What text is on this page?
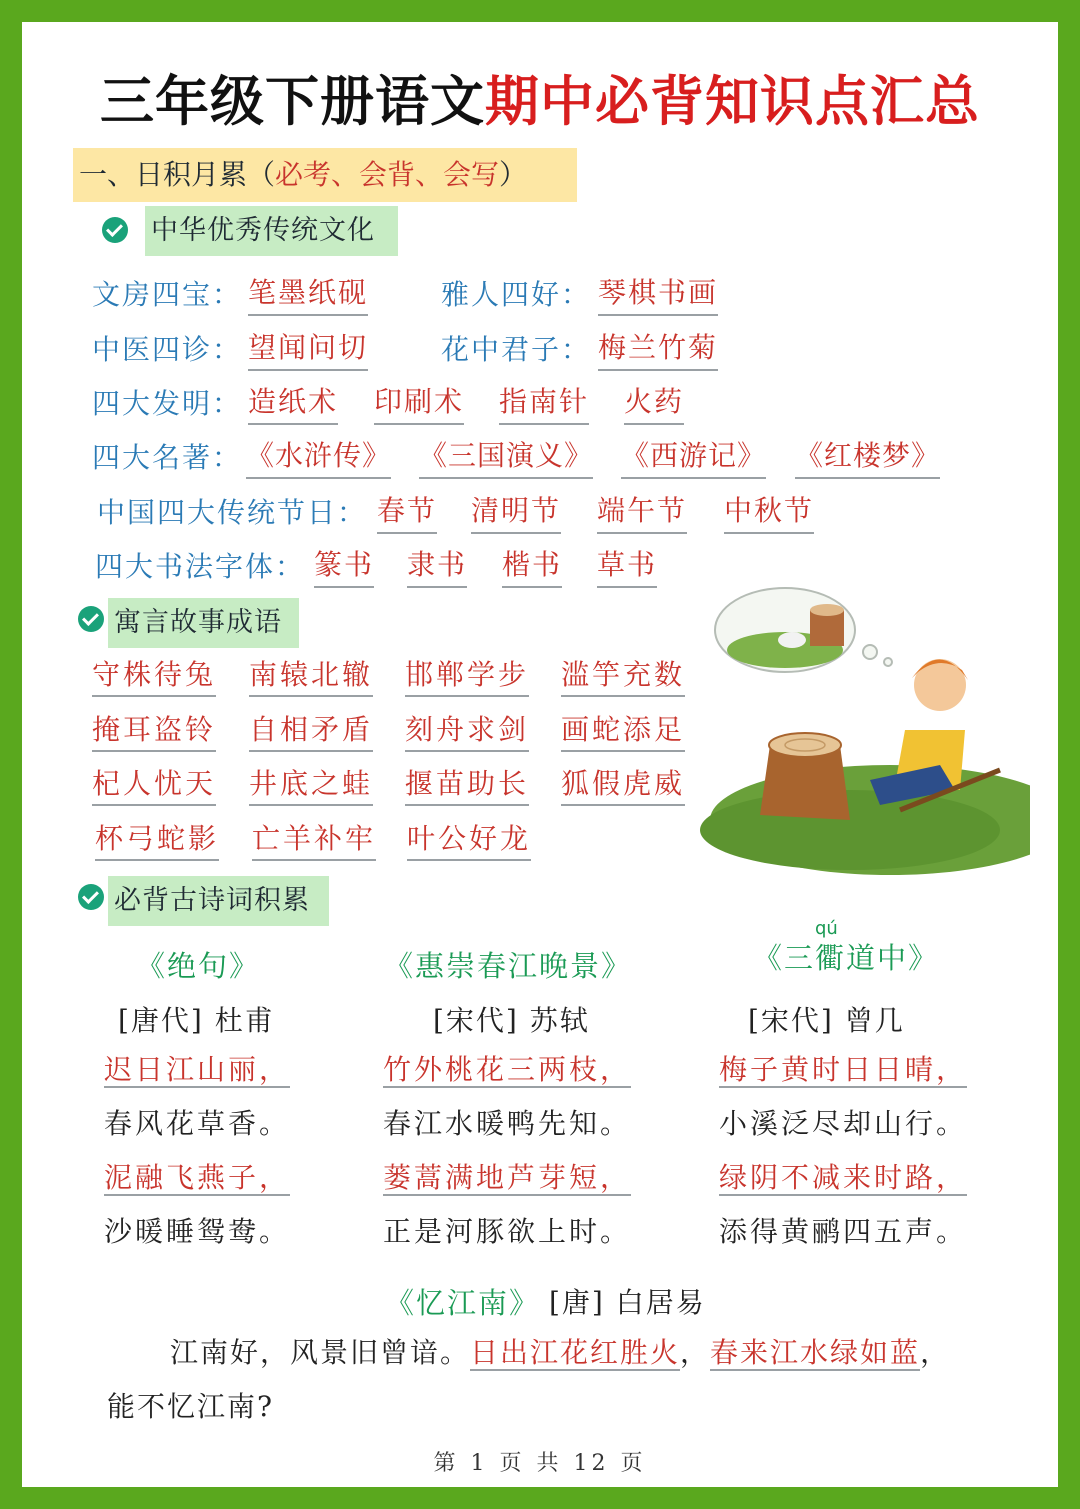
三年级下册语文期中必背知识点汇总
一、日积月累（必考、会背、会写）
中华优秀传统文化
文房四宝： 笔墨纸砚	雅人四好： 琴棋书画
中医四诊： 望闻问切	花中君子： 梅兰竹菊
四大发明： 造纸术 印刷术 指南针 火药
四大名著： 《水浒传》 《三国演义》 《西游记》 《红楼梦》
中国四大传统节日： 春节 清明节 端午节 中秋节
四大书法字体： 篆书 隶书 楷书 草书
寓言故事成语
守株待兔 南辕北辙 邯郸学步 滥竽充数
掩耳盗铃 自相矛盾 刻舟求剑 画蛇添足
杞人忧天 井底之蛙 揠苗助长 狐假虎威
杯弓蛇影 亡羊补牢 叶公好龙
必背古诗词积累
《绝句》
[唐代] 杜甫
迟日江山丽，
春风花草香。
泥融飞燕子，
沙暖睡鸳鸯。
《惠崇春江晚景》
[宋代] 苏轼
竹外桃花三两枝，
春江水暖鸭先知。
蒌蒿满地芦芽短，
正是河豚欲上时。
qú
《三衢道中》
[宋代] 曾几
梅子黄时日日晴，
小溪泛尽却山行。
绿阴不减来时路，
添得黄鹂四五声。
《忆江南》 [唐] 白居易
江南好，风景旧曾谙。日出江花红胜火，春来江水绿如蓝，
能不忆江南?
第 1 页 共 12 页
